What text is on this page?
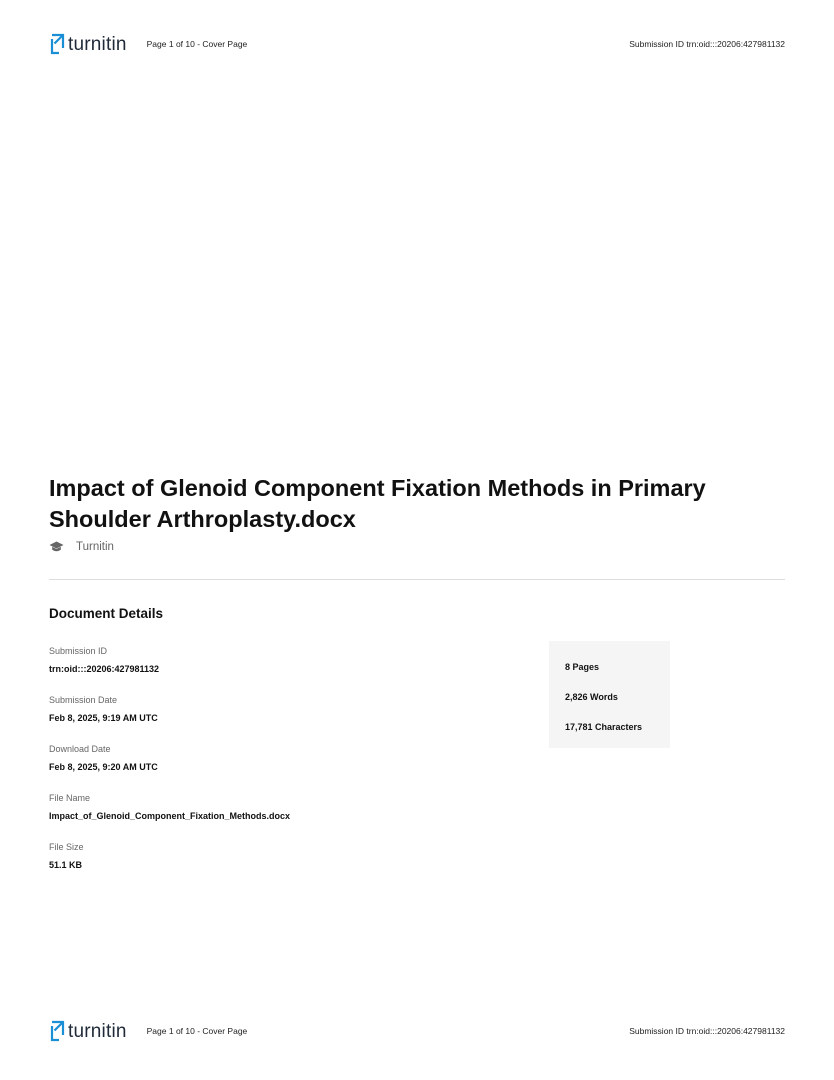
turnitin Page 1 of 10 - Cover Page	Submission ID trn:oid:::20206:427981132
Impact of Glenoid Component Fixation Methods in Primary Shoulder Arthroplasty.docx
Turnitin
Document Details
Submission ID
trn:oid:::20206:427981132
Submission Date
Feb 8, 2025, 9:19 AM UTC
Download Date
Feb 8, 2025, 9:20 AM UTC
File Name
Impact_of_Glenoid_Component_Fixation_Methods.docx
File Size
51.1 KB
8 Pages
2,826 Words
17,781 Characters
turnitin Page 1 of 10 - Cover Page	Submission ID trn:oid:::20206:427981132
